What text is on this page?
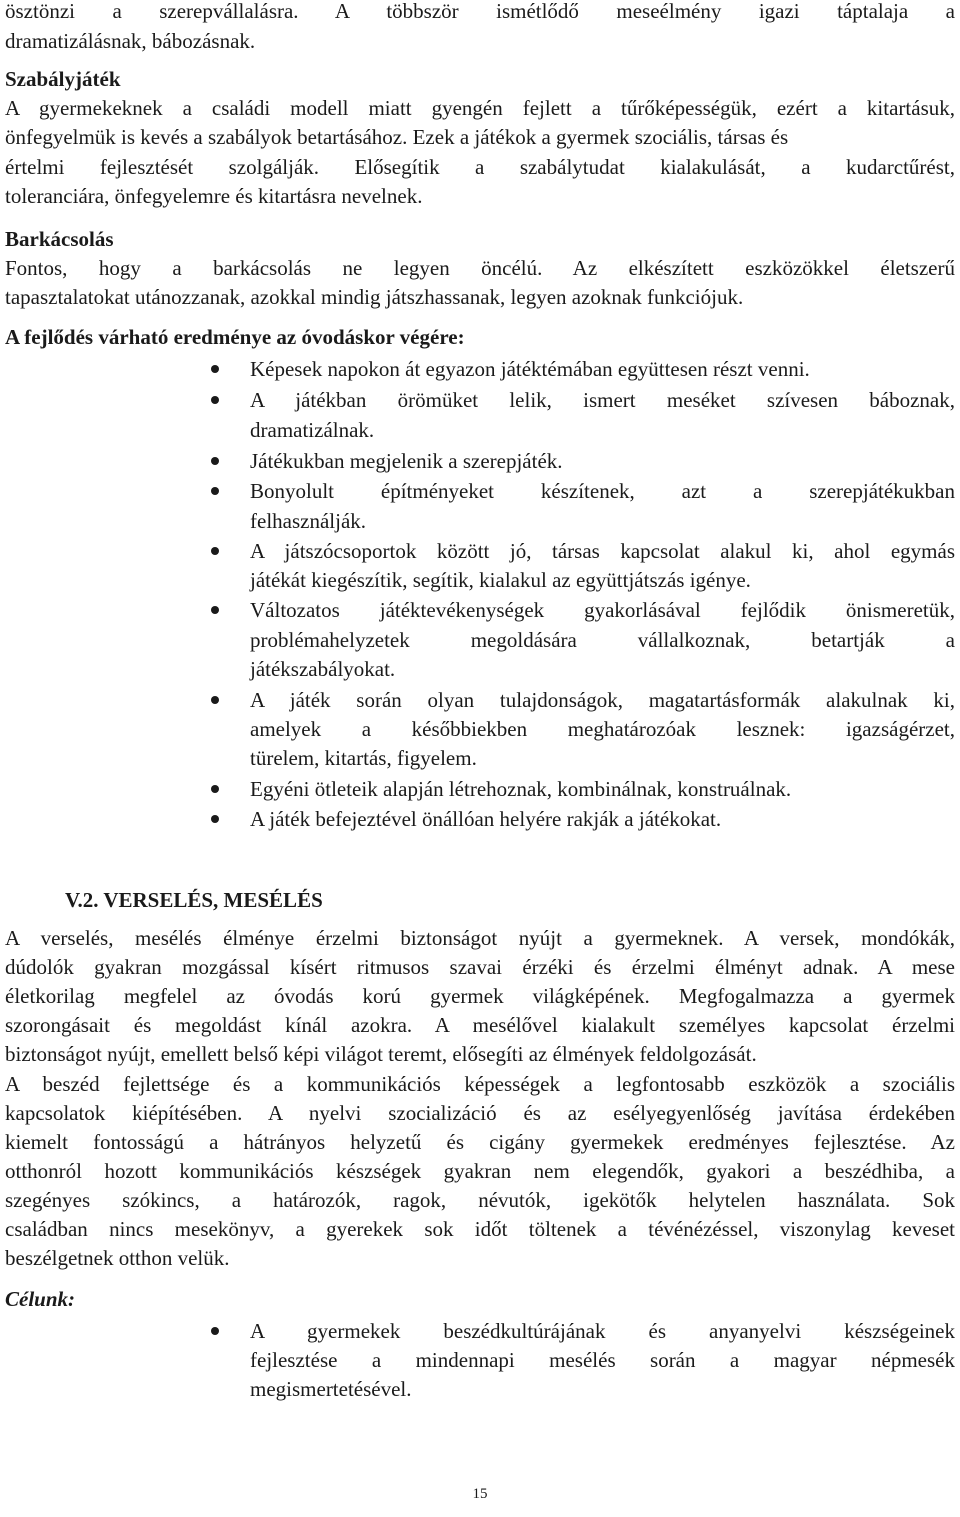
ösztönzi a szerepvállalásra. A többször ismétlődő meseélmény igazi táptalaja a
dramatizálásnak, bábozásnak.
Szabályjáték
A gyermekeknek a családi modell miatt gyengén fejlett a tűrőképességük, ezért a kitartásuk,
önfegyelmük is kevés a szabályok betartásához. Ezek a játékok a gyermek szociális, társas és
értelmi fejlesztését szolgálják. Elősegítik a szabálytudat kialakulását, a kudarctűrést,
toleranciára, önfegyelemre és kitartásra nevelnek.
Barkácsolás
Fontos, hogy a barkácsolás ne legyen öncélú. Az elkészített eszközökkel életszerű
tapasztalatokat utánozzanak, azokkal mindig játszhassanak, legyen azoknak funkciójuk.
A fejlődés várható eredménye az óvodáskor végére:
Képesek napokon át egyazon játéktémában együttesen részt venni.
A játékban örömüket lelik, ismert meséket szívesen báboznak,
dramatizálnak.
Játékukban megjelenik a szerepjáték.
Bonyolult építményeket készítenek, azt a szerepjátékukban
felhasználják.
A játszócsoportok között jó, társas kapcsolat alakul ki, ahol egymás
játékát kiegészítik, segítik, kialakul az együttjátszás igénye.
Változatos játéktevékenységek gyakorlásával fejlődik önismeretük,
problémahelyzetek megoldására vállalkoznak, betartják a
játékszabályokat.
A játék során olyan tulajdonságok, magatartásformák alakulnak ki,
amelyek a későbbiekben meghatározóak lesznek: igazságérzet,
türelem, kitartás, figyelem.
Egyéni ötleteik alapján létrehoznak, kombinálnak, konstruálnak.
A játék befejeztével önállóan helyére rakják a játékokat.
V.2. VERSELÉS, MESÉLÉS
A verselés, mesélés élménye érzelmi biztonságot nyújt a gyermeknek. A versek, mondókák,
dúdolók gyakran mozgással kísért ritmusos szavai érzéki és érzelmi élményt adnak. A mese
életkorilag megfelel az óvodás korú gyermek világképének. Megfogalmazza a gyermek
szorongásait és megoldást kínál azokra. A mesélővel kialakult személyes kapcsolat érzelmi
biztonságot nyújt, emellett belső képi világot teremt, elősegíti az élmények feldolgozását.
A beszéd fejlettsége és a kommunikációs képességek a legfontosabb eszközök a szociális
kapcsolatok kiépítésében. A nyelvi szocializáció és az esélyegyenlőség javítása érdekében
kiemelt fontosságú a hátrányos helyzetű és cigány gyermekek eredményes fejlesztése. Az
otthonról hozott kommunikációs készségek gyakran nem elegendők, gyakori a beszédhiba, a
szegényes szókincs, a határozók, ragok, névutók, igekötők helytelen használata. Sok
családban nincs mesekönyv, a gyerekek sok időt töltenek a tévénézéssel, viszonylag keveset
beszélgetnek otthon velük.
Célunk:
A gyermekek beszédkultúrájának és anyanyelvi készségeinek
fejlesztése a mindennapi mesélés során a magyar népmesék
megismertetésével.
15
